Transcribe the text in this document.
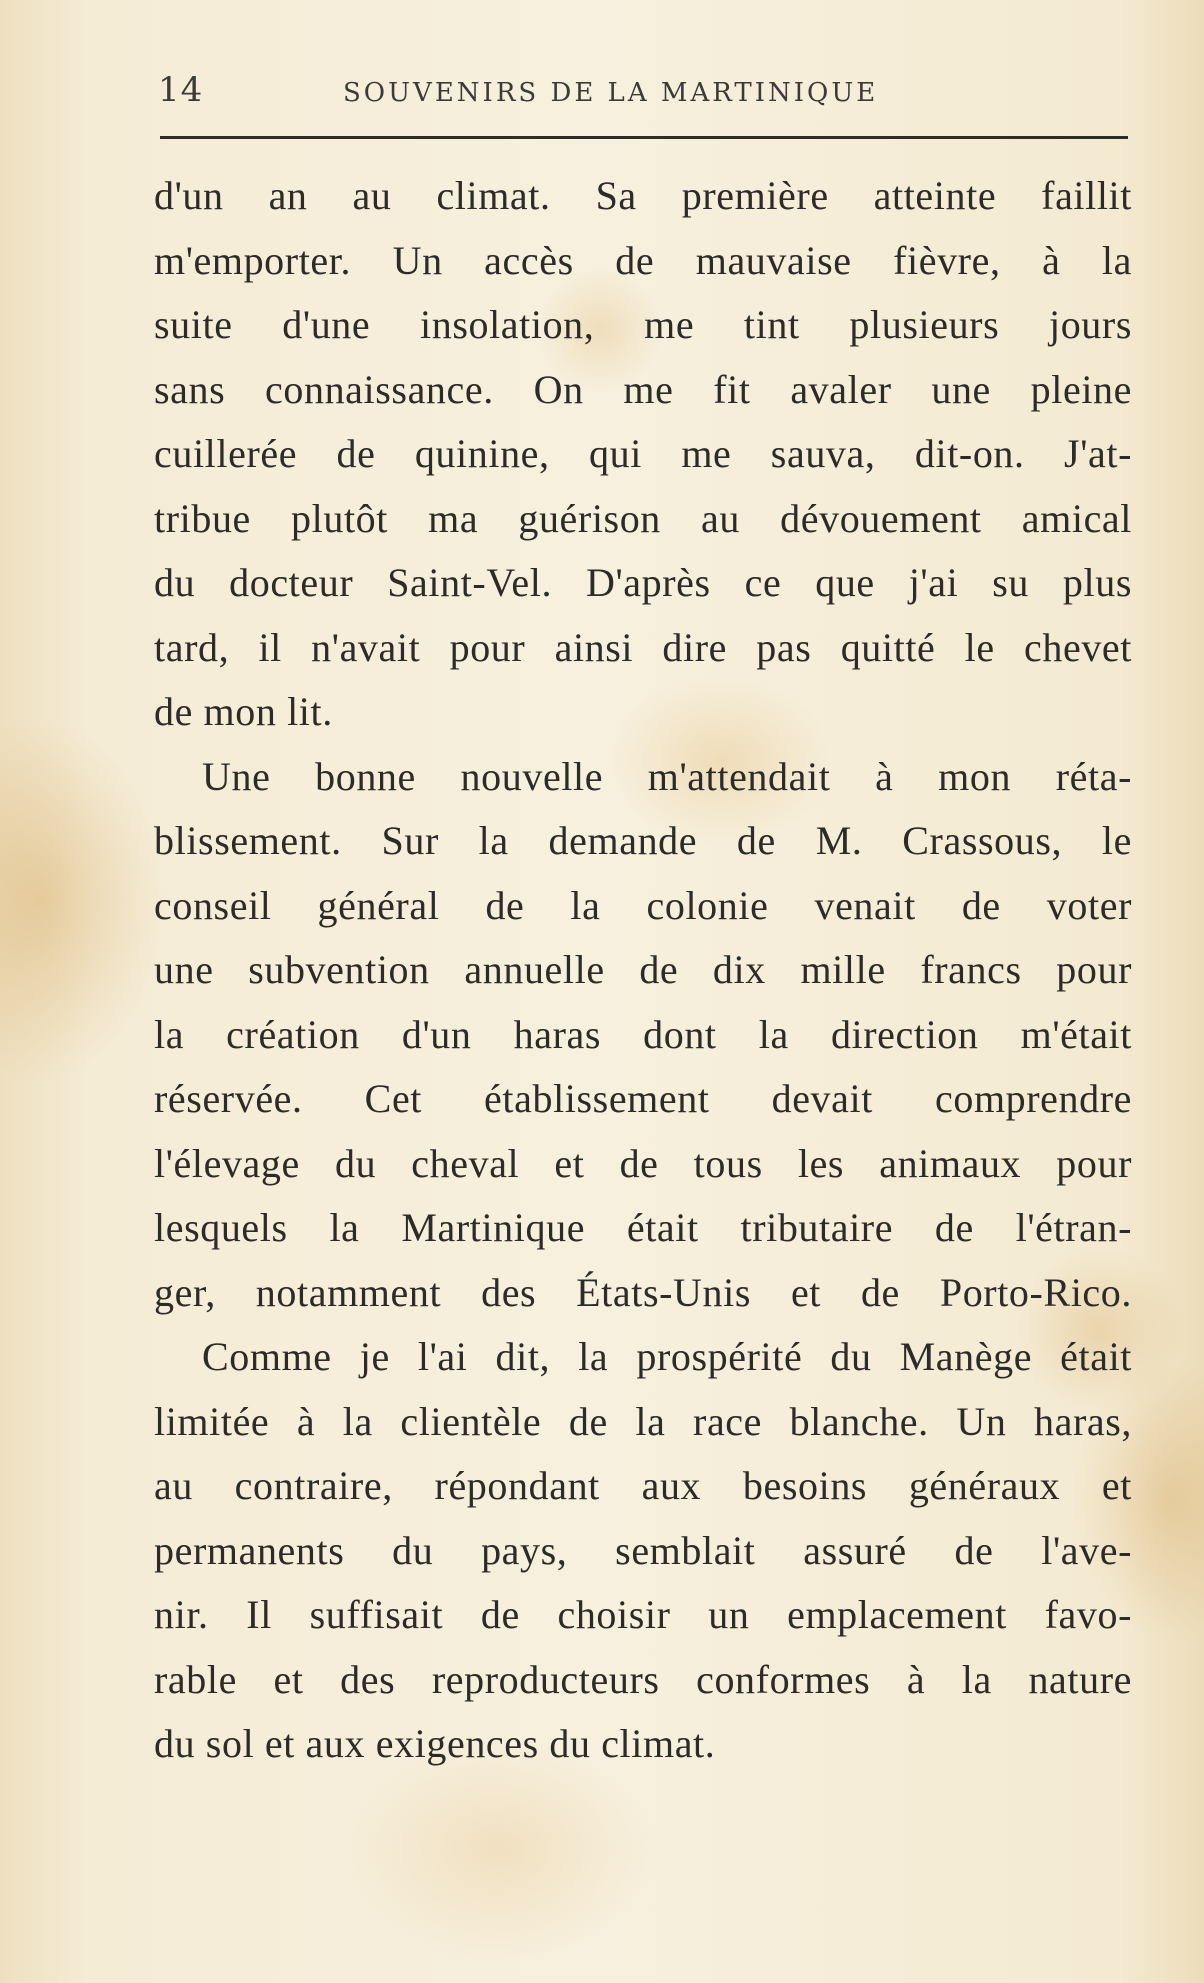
14	SOUVENIRS DE LA MARTINIQUE
d'un an au climat. Sa première atteinte faillit
m'emporter. Un accès de mauvaise fièvre, à la
suite d'une insolation, me tint plusieurs jours
sans connaissance. On me fit avaler une pleine
cuillerée de quinine, qui me sauva, dit-on. J'at-
tribue plutôt ma guérison au dévouement amical
du docteur Saint-Vel. D'après ce que j'ai su plus
tard, il n'avait pour ainsi dire pas quitté le chevet
de mon lit.
Une bonne nouvelle m'attendait à mon réta-
blissement. Sur la demande de M. Crassous, le
conseil général de la colonie venait de voter
une subvention annuelle de dix mille francs pour
la création d'un haras dont la direction m'était
réservée. Cet établissement devait comprendre
l'élevage du cheval et de tous les animaux pour
lesquels la Martinique était tributaire de l'étran-
ger, notamment des États-Unis et de Porto-Rico.
Comme je l'ai dit, la prospérité du Manège était
limitée à la clientèle de la race blanche. Un haras,
au contraire, répondant aux besoins généraux et
permanents du pays, semblait assuré de l'ave-
nir. Il suffisait de choisir un emplacement favo-
rable et des reproducteurs conformes à la nature
du sol et aux exigences du climat.
